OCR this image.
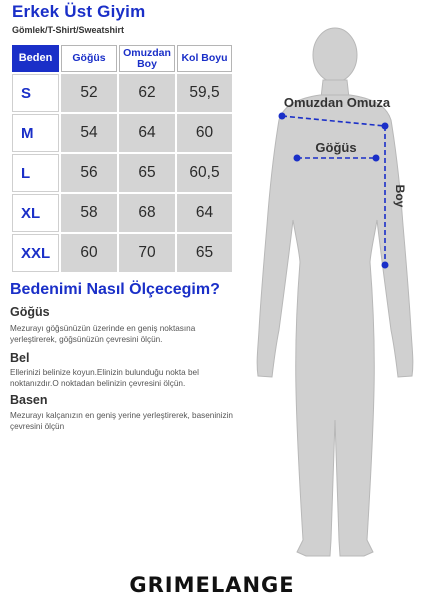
Erkek Üst Giyim
Gömlek/T-Shirt/Sweatshirt
Beden	Göğüs	Omuzdan Boy	Kol Boyu
S	52	62	59,5
M	54	64	60
L	56	65	60,5
XL	58	68	64
XXL	60	70	65
Bedenimi Nasıl Ölçecegim?
Göğüs
Mezurayı göğsünüzün üzerinde en geniş noktasına yerleştirerek, göğsünüzün çevresini ölçün.
Bel
Ellerinizi belinize koyun.Elinizin bulunduğu nokta bel noktanızdır.O noktadan belinizin çevresini ölçün.
Basen
Mezurayı kalçanızın en geniş yerine yerleştirerek, baseninizin çevresini ölçün
Omuzdan Omuza
Göğüs
Boy
GRIMELANGE
